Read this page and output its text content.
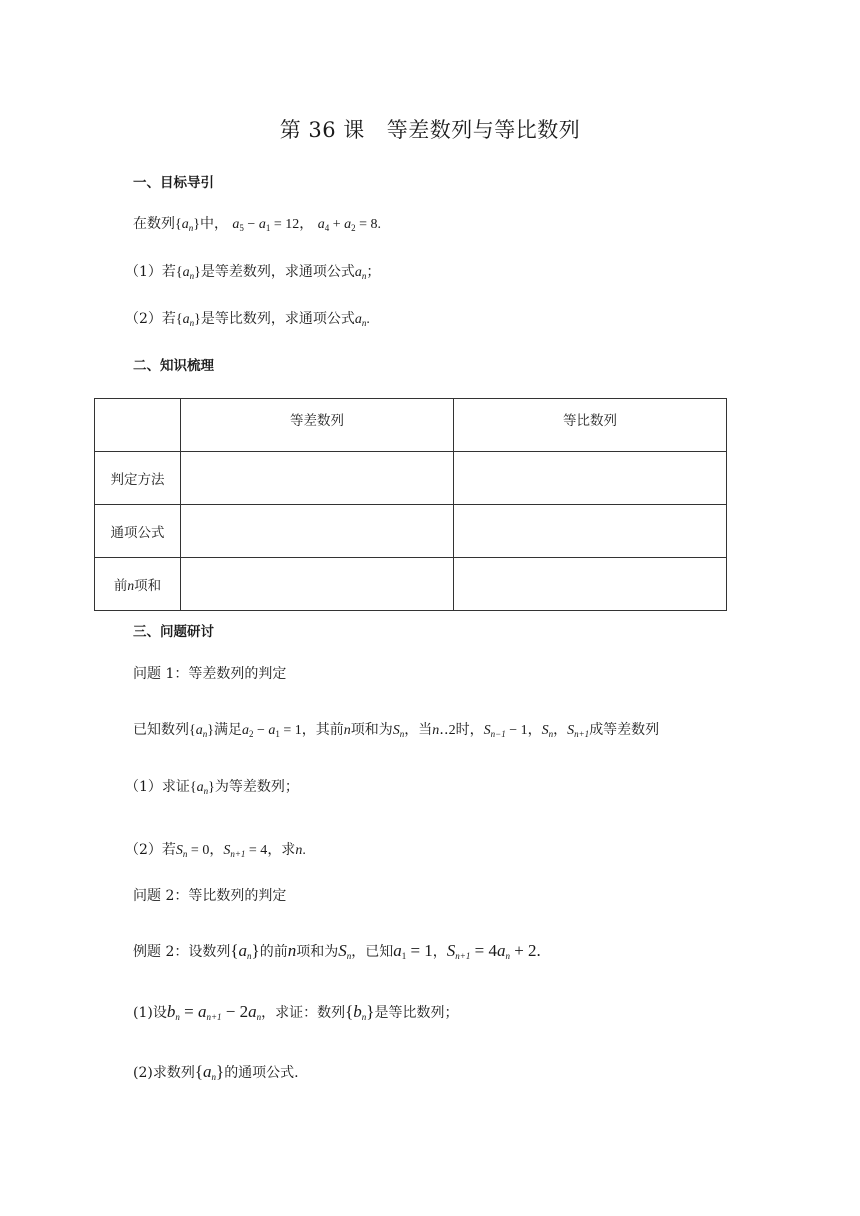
第 36 课 等差数列与等比数列
一、目标导引
在数列$\{a_n\}$中， $a_5 - a_1 = 12$， $a_4 + a_2 = 8$.
（1）若$\{a_n\}$是等差数列，求通项公式$a_n$；
（2）若$\{a_n\}$是等比数列，求通项公式$a_n$.
二、知识梳理
	等差数列	等比数列
判定方法		
通项公式		
前n项和		
三、问题研讨
问题 1：等差数列的判定
已知数列$\{a_n\}$满足$a_2 - a_1 = 1$，其前n项和为$S_n$，当n‥2时，$S_{n-1} - 1$，$S_n$，$S_{n+1}$成等差数列
（1）求证$\{a_n\}$为等差数列；
（2）若$S_n = 0$，$S_{n+1} = 4$，求n.
问题 2：等比数列的判定
例题 2：设数列$\{a_n\}$的前n项和为$S_n$，已知$a_1 = 1$，$S_{n+1} = 4a_n + 2$.
(1)设$b_n = a_{n+1} - 2a_n$，求证：数列$\{b_n\}$是等比数列；
(2)求数列$\{a_n\}$的通项公式.
